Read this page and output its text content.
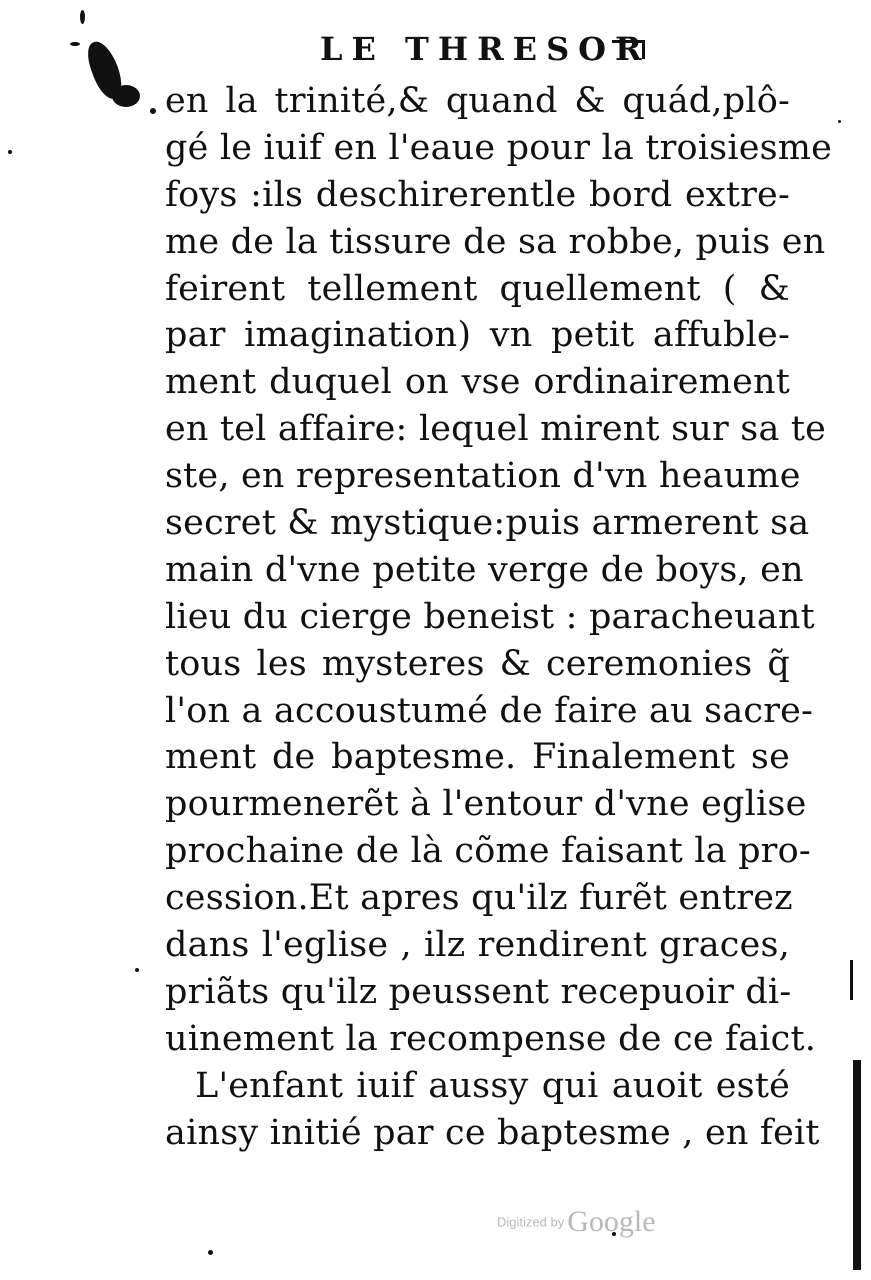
LE THRESOR
en la trinité,& quand & quád,plô-
gé le iuif en l'eaue pour la troisiesme
foys :ils deschirerentle bord extre-
me de la tissure de sa robbe, puis en
feirent tellement quellement ( &
par imagination) vn petit affuble-
ment duquel on vse ordinairement
en tel affaire: lequel mirent sur sa te
ste, en representation d'vn heaume
secret & mystique:puis armerent sa
main d'vne petite verge de boys, en
lieu du cierge beneist : paracheuant
tous les mysteres & ceremonies q̃
l'on a accoustumé de faire au sacre-
ment de baptesme. Finalement se
pourmenerẽt à l'entour d'vne eglise
prochaine de là cõme faisant la pro-
cession.Et apres qu'ilz furẽt entrez
dans l'eglise , ilz rendirent graces,
priãts qu'ilz peussent recepuoir di-
uinement la recompense de ce faict.
L'enfant iuif aussy qui auoit esté
ainsy initié par ce baptesme , en feit
Digitized by Google
